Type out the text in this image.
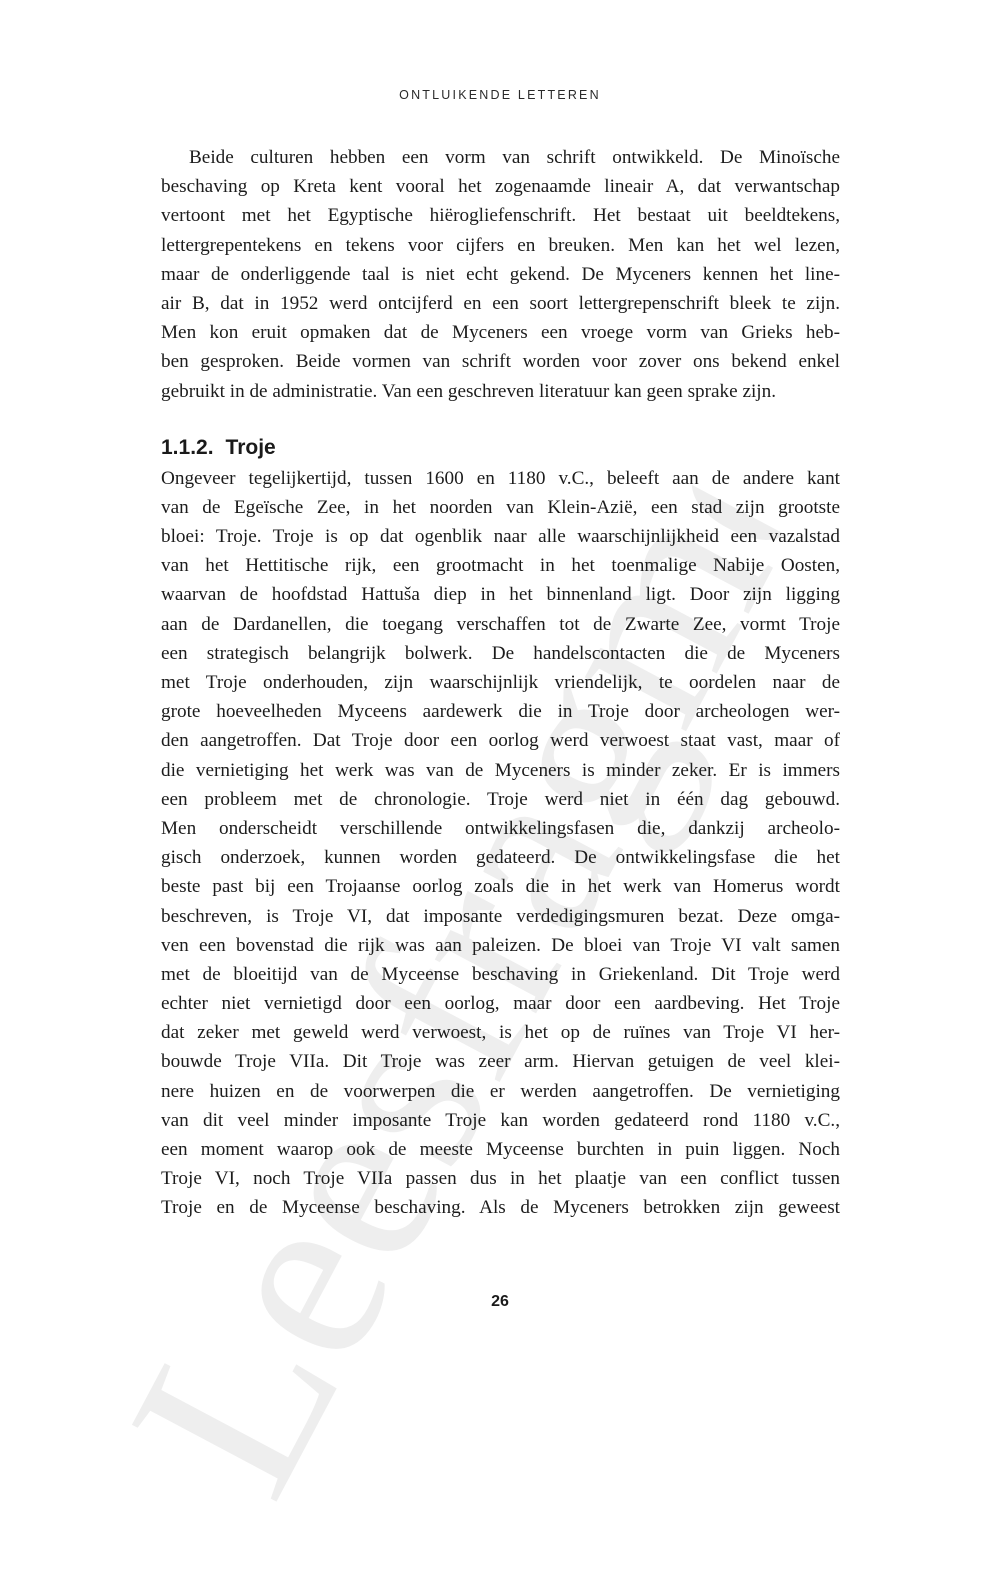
Leesfragment
ONTLUIKENDE LETTEREN

Beide culturen hebben een vorm van schrift ontwikkeld. De Minoïsche
beschaving op Kreta kent vooral het zogenaamde lineair A, dat verwantschap
vertoont met het Egyptische hiërogliefenschrift. Het bestaat uit beeldtekens,
lettergrepentekens en tekens voor cijfers en breuken. Men kan het wel lezen,
maar de onderliggende taal is niet echt gekend. De Myceners kennen het line-
air B, dat in 1952 werd ontcijferd en een soort lettergrepenschrift bleek te zijn.
Men kon eruit opmaken dat de Myceners een vroege vorm van Grieks heb-
ben gesproken. Beide vormen van schrift worden voor zover ons bekend enkel
gebruikt in de administratie. Van een geschreven literatuur kan geen sprake zijn.

1.1.2. Troje

Ongeveer tegelijkertijd, tussen 1600 en 1180 v.C., beleeft aan de andere kant
van de Egeïsche Zee, in het noorden van Klein-Azië, een stad zijn grootste
bloei: Troje. Troje is op dat ogenblik naar alle waarschijnlijkheid een vazalstad
van het Hettitische rijk, een grootmacht in het toenmalige Nabije Oosten,
waarvan de hoofdstad Hattuša diep in het binnenland ligt. Door zijn ligging
aan de Dardanellen, die toegang verschaffen tot de Zwarte Zee, vormt Troje
een strategisch belangrijk bolwerk. De handelscontacten die de Myceners
met Troje onderhouden, zijn waarschijnlijk vriendelijk, te oordelen naar de
grote hoeveelheden Myceens aardewerk die in Troje door archeologen wer-
den aangetroffen. Dat Troje door een oorlog werd verwoest staat vast, maar of
die vernietiging het werk was van de Myceners is minder zeker. Er is immers
een probleem met de chronologie. Troje werd niet in één dag gebouwd.
Men onderscheidt verschillende ontwikkelingsfasen die, dankzij archeolo-
gisch onderzoek, kunnen worden gedateerd. De ontwikkelingsfase die het
beste past bij een Trojaanse oorlog zoals die in het werk van Homerus wordt
beschreven, is Troje VI, dat imposante verdedigingsmuren bezat. Deze omga-
ven een bovenstad die rijk was aan paleizen. De bloei van Troje VI valt samen
met de bloeitijd van de Myceense beschaving in Griekenland. Dit Troje werd
echter niet vernietigd door een oorlog, maar door een aardbeving. Het Troje
dat zeker met geweld werd verwoest, is het op de ruïnes van Troje VI her-
bouwde Troje VIIa. Dit Troje was zeer arm. Hiervan getuigen de veel klei-
nere huizen en de voorwerpen die er werden aangetroffen. De vernietiging
van dit veel minder imposante Troje kan worden gedateerd rond 1180 v.C.,
een moment waarop ook de meeste Myceense burchten in puin liggen. Noch
Troje VI, noch Troje VIIa passen dus in het plaatje van een conflict tussen
Troje en de Myceense beschaving. Als de Myceners betrokken zijn geweest

26
